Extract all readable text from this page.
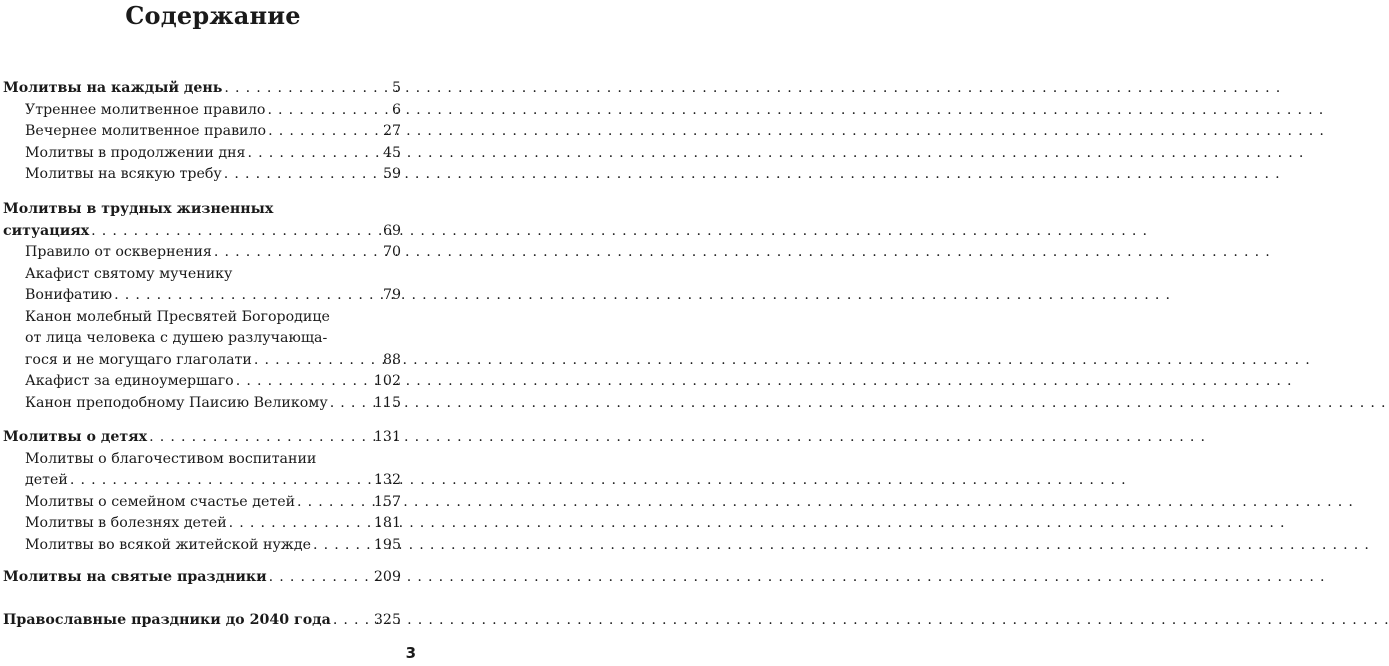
Содержание
Молитвы на каждый день . . .	5
Утреннее молитвенное правило . . .	6
Вечернее молитвенное правило . . .	27
Молитвы в продолжении дня . . .	45
Молитвы на всякую требу . . .	59
Молитвы в трудных жизненных
ситуациях . . .	69
Правило от осквернения . . .	70
Акафист святому мученику
Вонифатию . . .	79
Канон молебный Пресвятей Богородице
от лица человека с душею разлучающа-
гося и не могущаго глаголати . . .	88
Акафист за единоумершаго . . .	102
Канон преподобному Паисию Великому . . .	115
Молитвы о детях . . .	131
Молитвы о благочестивом воспитании
детей . . .	132
Молитвы о семейном счастье детей . . .	157
Молитвы в болезнях детей . . .	181
Молитвы во всякой житейской нужде . . .	195
Молитвы на святые праздники . . .	209
Православные праздники до 2040 года . . .	325
3
